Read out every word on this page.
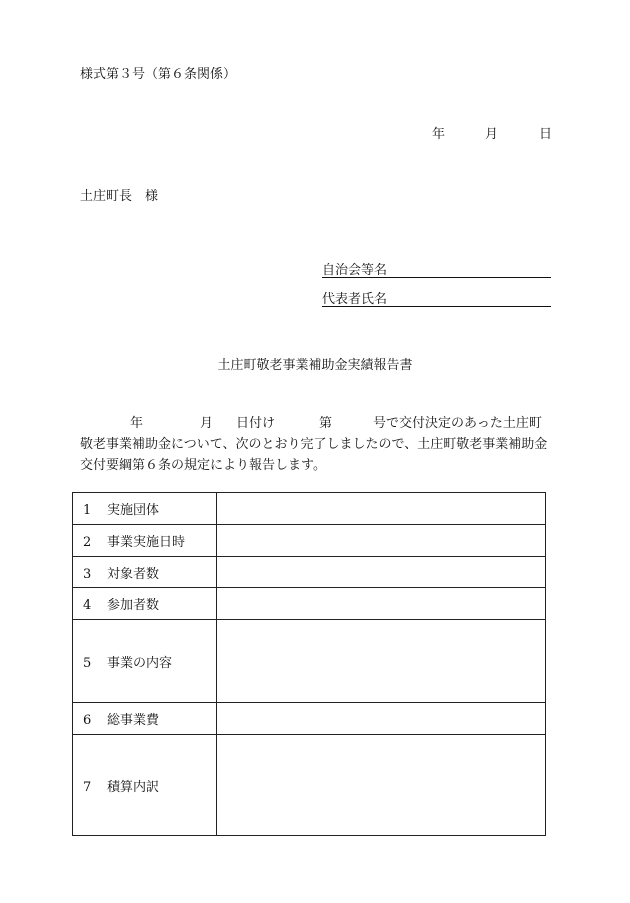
様式第３号（第６条関係）
年	月	日
土庄町長　様
自治会等名
代表者氏名
土庄町敬老事業補助金実績報告書
年	月 日付け	第	号で交付決定のあった土庄町
敬老事業補助金について、次のとおり完了しましたので、土庄町敬老事業補助金
交付要綱第６条の規定により報告します。
1 実施団体	
2 事業実施日時	
3 対象者数	
4 参加者数	
5 事業の内容	
6 総事業費	
7 積算内訳	
